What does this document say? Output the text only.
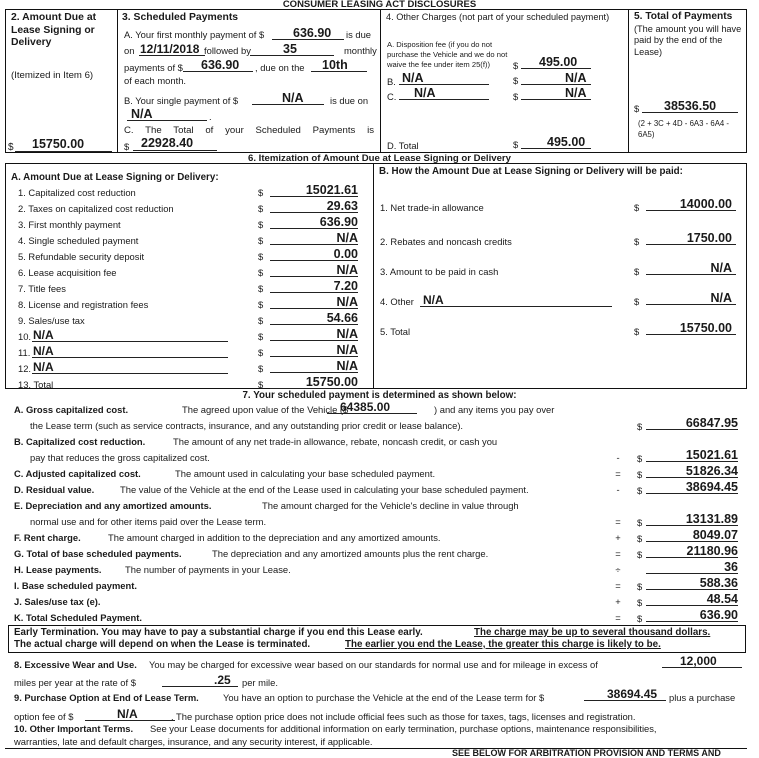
CONSUMER LEASING ACT DISCLOSURES
2. Amount Due at Lease Signing or Delivery
(Itemized in Item 6)
$ 15750.00
3. Scheduled Payments
A. Your first monthly payment of $ 636.90	is due
on 12/11/2018 followed by	35	monthly
payments of $ 636.90 , due on the 10th
of each month.
B. Your single payment of $	N/A	is due on
N/A	.
C. The Total of your Scheduled Payments is
$ 22928.40
4. Other Charges (not part of your scheduled payment)
A. Disposition fee (if you do not purchase the Vehicle and we do not waive the fee under item 25(f))	$ 495.00
B. N/A	$	N/A
C. N/A	$	N/A
D. Total	$ 495.00
5. Total of Payments
(The amount you will have paid by the end of the Lease)
$ 38536.50
(2 + 3C + 4D - 6A3 - 6A4 - 6A5)
6. Itemization of Amount Due at Lease Signing or Delivery
A. Amount Due at Lease Signing or Delivery:
B. How the Amount Due at Lease Signing or Delivery will be paid:
7. Your scheduled payment is determined as shown below:
Early Termination. You may have to pay a substantial charge if you end this Lease early.	The charge may be up to several thousand dollars.
The actual charge will depend on when the Lease is terminated.	The earlier you end the Lease, the greater this charge is likely to be.
8. Excessive Wear and Use. You may be charged for excessive wear based on our standards for normal use and for mileage in excess of	12,000
miles per year at the rate of $	.25 per mile.
9. Purchase Option at End of Lease Term.	You have an option to purchase the Vehicle at the end of the Lease term for $	38694.45 plus a purchase
option fee of $	N/A	. The purchase option price does not include official fees such as those for taxes, tags, licenses and registration.
10. Other Important Terms. See your Lease documents for additional information on early termination, purchase options, maintenance responsibilities,
warranties, late and default charges, insurance, and any security interest, if applicable.
SEE BELOW FOR ARBITRATION PROVISION AND TERMS AND
1. Capitalized cost reduction	$	15021.61
2. Taxes on capitalized cost reduction	$	29.63
3. First monthly payment	$	636.90
4. Single scheduled payment	$	N/A
5. Refundable security deposit	$	0.00
6. Lease acquisition fee	$	N/A
7. Title fees	$	7.20
8. License and registration fees	$	N/A
9. Sales/use tax	$	54.66
10. N/A	$	N/A
11. N/A	$	N/A
12. N/A	$	N/A
13. Total	$	15750.00
1. Net trade-in allowance	$	14000.00
2. Rebates and noncash credits	$	1750.00
3. Amount to be paid in cash	$	N/A
4. Other N/A	$	N/A
5. Total	$	15750.00
A. Gross capitalized cost.	The agreed upon value of the Vehicle ($
the Lease term (such as service contracts, insurance, and any outstanding prior credit or lease balance).	$	66847.95
B. Capitalized cost reduction.	The amount of any net trade-in allowance, rebate, noncash credit, or cash you
pay that reduces the gross capitalized cost.	-	$	15021.61
C. Adjusted capitalized cost.	The amount used in calculating your base scheduled payment.	=	$	51826.34
D. Residual value.	The value of the Vehicle at the end of the Lease used in calculating your base scheduled payment.	-	$	38694.45
E. Depreciation and any amortized amounts.	The amount charged for the Vehicle's decline in value through
normal use and for other items paid over the Lease term.	=	$	13131.89
F. Rent charge.	The amount charged in addition to the depreciation and any amortized amounts.	+	$	8049.07
G. Total of base scheduled payments.	The depreciation and any amortized amounts plus the rent charge.	=	$	21180.96
H. Lease payments. The number of payments in your Lease.	÷	36
I. Base scheduled payment.	=	$	588.36
J. Sales/use tax (e).	+	$	48.54
K. Total Scheduled Payment.	=	$	636.90
64385.00	) and any items you pay over
